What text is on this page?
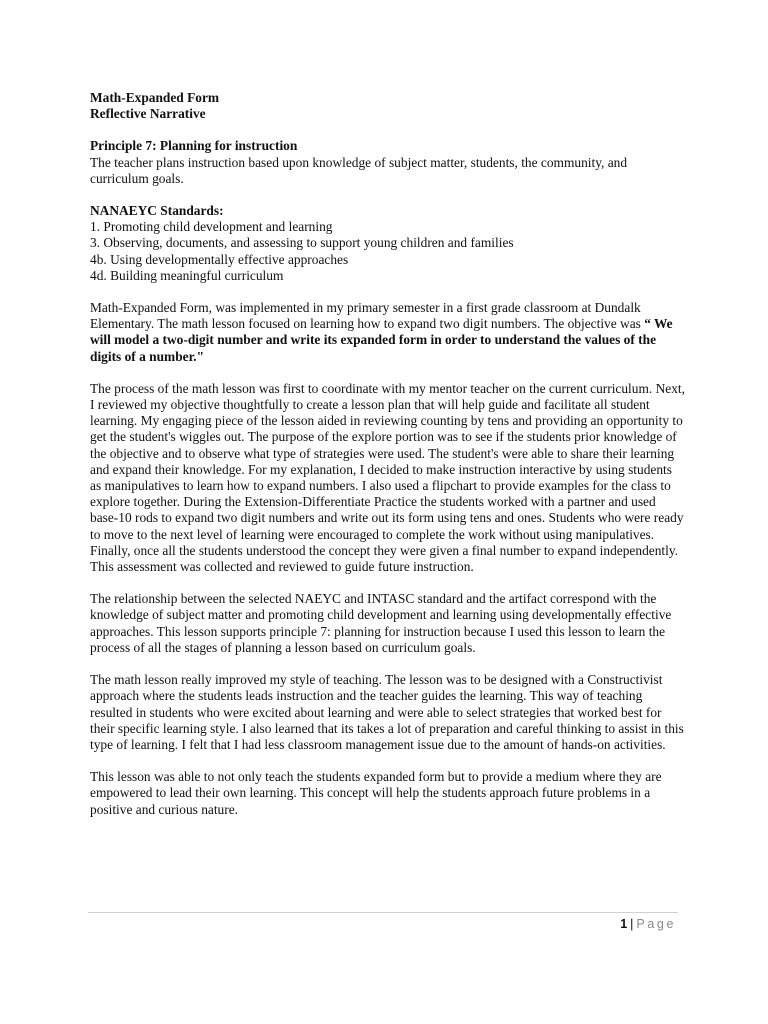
Math-Expanded Form

Reflective Narrative

Principle 7: Planning for instruction

The teacher plans instruction based upon knowledge of subject matter, students, the community, and curriculum goals.

NANAEYC Standards:

1. Promoting child development and learning
3. Observing, documents, and assessing to support young children and families
4b. Using developmentally effective approaches
4d. Building meaningful curriculum

Math-Expanded Form, was implemented in my primary semester in a first grade classroom at Dundalk Elementary. The math lesson focused on learning how to expand two digit numbers. The objective was “ We will model a two-digit number and write its expanded form in order to understand the values of the digits of a number."

The process of the math lesson was first to coordinate with my mentor teacher on the current curriculum. Next, I reviewed my objective thoughtfully to create a lesson plan that will help guide and facilitate all student learning. My engaging piece of the lesson aided in reviewing counting by tens and providing an opportunity to get the student's wiggles out. The purpose of the explore portion was to see if the students prior knowledge of the objective and to observe what type of strategies were used. The student's were able to share their learning and expand their knowledge. For my explanation, I decided to make instruction interactive by using students as manipulatives to learn how to expand numbers. I also used a flipchart to provide examples for the class to explore together. During the Extension-Differentiate Practice the students worked with a partner and used base-10 rods to expand two digit numbers and write out its form using tens and ones. Students who were ready to move to the next level of learning were encouraged to complete the work without using manipulatives. Finally, once all the students understood the concept they were given a final number to expand independently. This assessment was collected and reviewed to guide future instruction.

The relationship between the selected NAEYC and INTASC standard and the artifact correspond with the knowledge of subject matter and promoting child development and learning using developmentally effective approaches. This lesson supports principle 7: planning for instruction because I used this lesson to learn the process of all the stages of planning a lesson based on curriculum goals.

The math lesson really improved my style of teaching. The lesson was to be designed with a Constructivist approach where the students leads instruction and the teacher guides the learning. This way of teaching resulted in students who were excited about learning and were able to select strategies that worked best for their specific learning style. I also learned that its takes a lot of preparation and careful thinking to assist in this type of learning. I felt that I had less classroom management issue due to the amount of hands-on activities.

This lesson was able to not only teach the students expanded form but to provide a medium where they are empowered to lead their own learning. This concept will help the students approach future problems in a positive and curious nature.

1 | Page
